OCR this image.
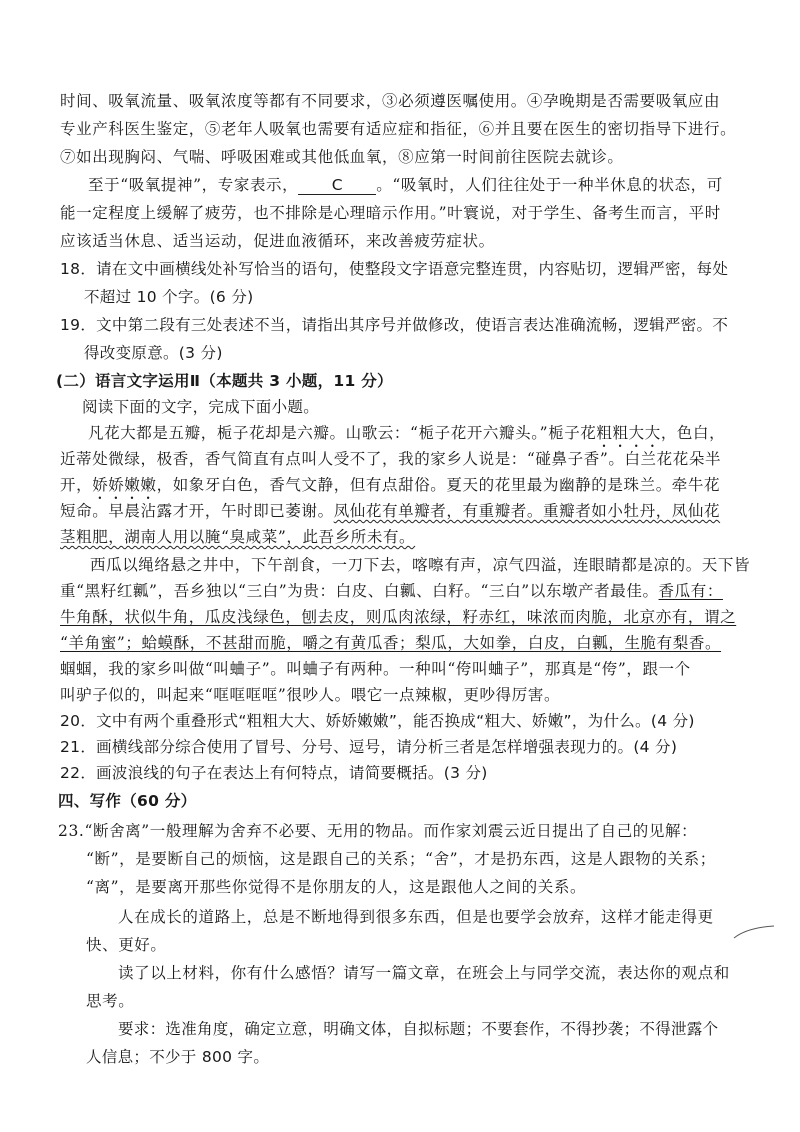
时间、吸氧流量、吸氧浓度等都有不同要求，③必须遵医嘱使用。④孕晚期是否需要吸氧应由
专业产科医生鉴定，⑤老年人吸氧也需要有适应症和指征，⑥并且要在医生的密切指导下进行。
⑦如出现胸闷、气喘、呼吸困难或其他低血氧，⑧应第一时间前往医院去就诊。
至于“吸氧提神”，专家表示， C 。“吸氧时，人们往往处于一种半休息的状态，可
能一定程度上缓解了疲劳，也不排除是心理暗示作用。”叶寰说，对于学生、备考生而言，平时
应该适当休息、适当运动，促进血液循环，来改善疲劳症状。
18．请在文中画横线处补写恰当的语句，使整段文字语意完整连贯，内容贴切，逻辑严密，每处
不超过 10 个字。(6 分)
19．文中第二段有三处表述不当，请指出其序号并做修改，使语言表达准确流畅，逻辑严密。不
得改变原意。(3 分)
(二）语言文字运用Ⅱ（本题共 3 小题，11 分）
阅读下面的文字，完成下面小题。
凡花大都是五瓣，栀子花却是六瓣。山歌云：“栀子花开六瓣头。”栀子花粗粗大大，色白，
近蒂处微绿，极香，香气简直有点叫人受不了，我的家乡人说是：“碰鼻子香”。白兰花花朵半
开，娇娇嫩嫩，如象牙白色，香气文静，但有点甜俗。夏天的花里最为幽静的是珠兰。牵牛花
短命。早晨沾露才开，午时即已萎谢。凤仙花有单瓣者，有重瓣者。重瓣者如小牡丹，凤仙花
茎粗肥，湖南人用以腌“臭咸菜”，此吾乡所未有。
西瓜以绳络悬之井中，下午剖食，一刀下去，喀嚓有声，凉气四溢，连眼睛都是凉的。天下皆
重“黑籽红瓤”，吾乡独以“三白”为贵：白皮、白瓤、白籽。“三白”以东墩产者最佳。香瓜有：
牛角酥，状似牛角，瓜皮浅绿色，刨去皮，则瓜肉浓绿，籽赤红，味浓而肉脆，北京亦有，谓之
“羊角蜜”；蛤蟆酥，不甚甜而脆，嚼之有黄瓜香；梨瓜，大如拳，白皮，白瓤，生脆有梨香。
蝈蝈，我的家乡叫做“叫蛐子”。叫蛐子有两种。一种叫“侉叫蛐子”，那真是“侉”，跟一个
叫驴子似的，叫起来“哐哐哐哐”很吵人。喂它一点辣椒，更吵得厉害。
20．文中有两个重叠形式“粗粗大大、娇娇嫩嫩”，能否换成“粗大、娇嫩”，为什么。(4 分)
21．画横线部分综合使用了冒号、分号、逗号，请分析三者是怎样增强表现力的。(4 分)
22．画波浪线的句子在表达上有何特点，请简要概括。(3 分)
四、写作（60 分）
23.“断舍离”一般理解为舍弃不必要、无用的物品。而作家刘震云近日提出了自己的见解：
“断”，是要断自己的烦恼，这是跟自己的关系；“舍”，才是扔东西，这是人跟物的关系；
“离”，是要离开那些你觉得不是你朋友的人，这是跟他人之间的关系。
人在成长的道路上，总是不断地得到很多东西，但是也要学会放弃，这样才能走得更
快、更好。
读了以上材料，你有什么感悟？请写一篇文章，在班会上与同学交流，表达你的观点和
思考。
要求：选准角度，确定立意，明确文体，自拟标题；不要套作，不得抄袭；不得泄露个
人信息；不少于 800 字。
